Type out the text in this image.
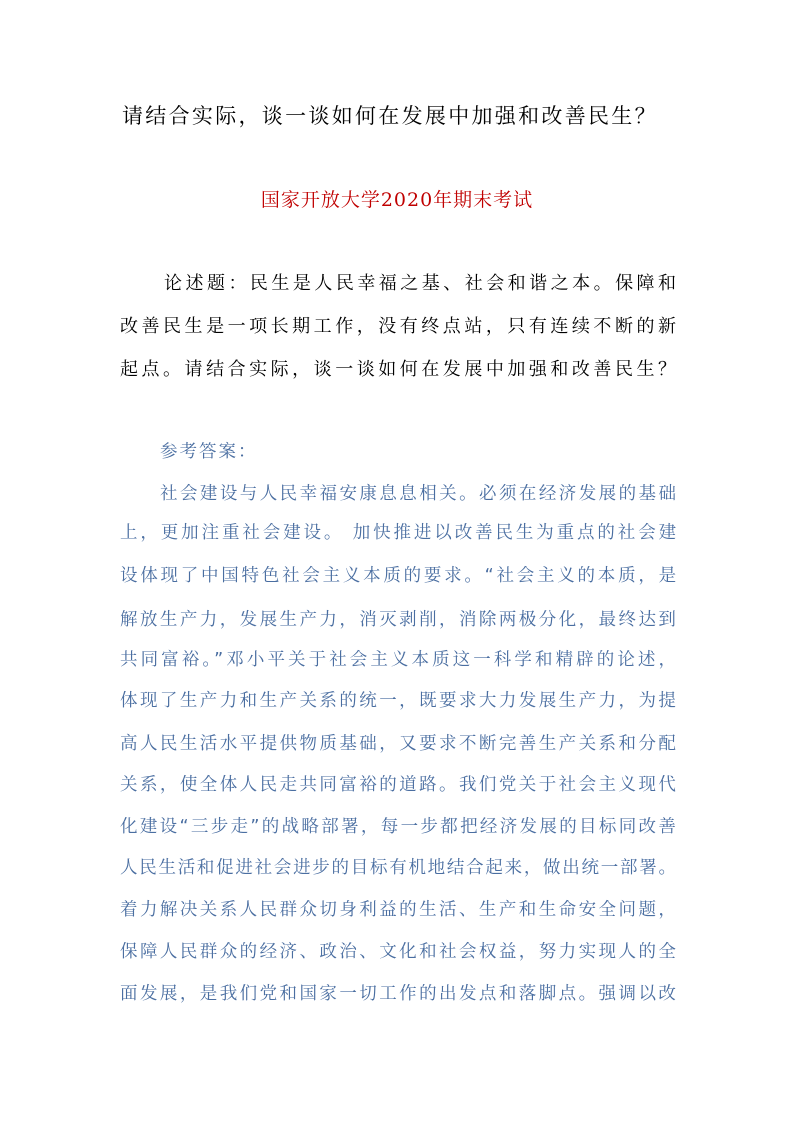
请结合实际，谈一谈如何在发展中加强和改善民生？
国家开放大学2020年期末考试

论述题：民生是人民幸福之基、社会和谐之本。保障和

改善民生是一项长期工作，没有终点站，只有连续不断的新

起点。请结合实际，谈一谈如何在发展中加强和改善民生？

参考答案：

社会建设与人民幸福安康息息相关。必须在经济发展的基础

上，更加注重社会建设。 加快推进以改善民生为重点的社会建

设体现了中国特色社会主义本质的要求。“社会主义的本质，是

解放生产力，发展生产力，消灭剥削，消除两极分化，最终达到

共同富裕。”邓小平关于社会主义本质这一科学和精辟的论述，

体现了生产力和生产关系的统一，既要求大力发展生产力，为提

高人民生活水平提供物质基础，又要求不断完善生产关系和分配

关系，使全体人民走共同富裕的道路。我们党关于社会主义现代

化建设“三步走”的战略部署，每一步都把经济发展的目标同改善

人民生活和促进社会进步的目标有机地结合起来，做出统一部署。

着力解决关系人民群众切身利益的生活、生产和生命安全问题，

保障人民群众的经济、政治、文化和社会权益，努力实现人的全

面发展，是我们党和国家一切工作的出发点和落脚点。强调以改
